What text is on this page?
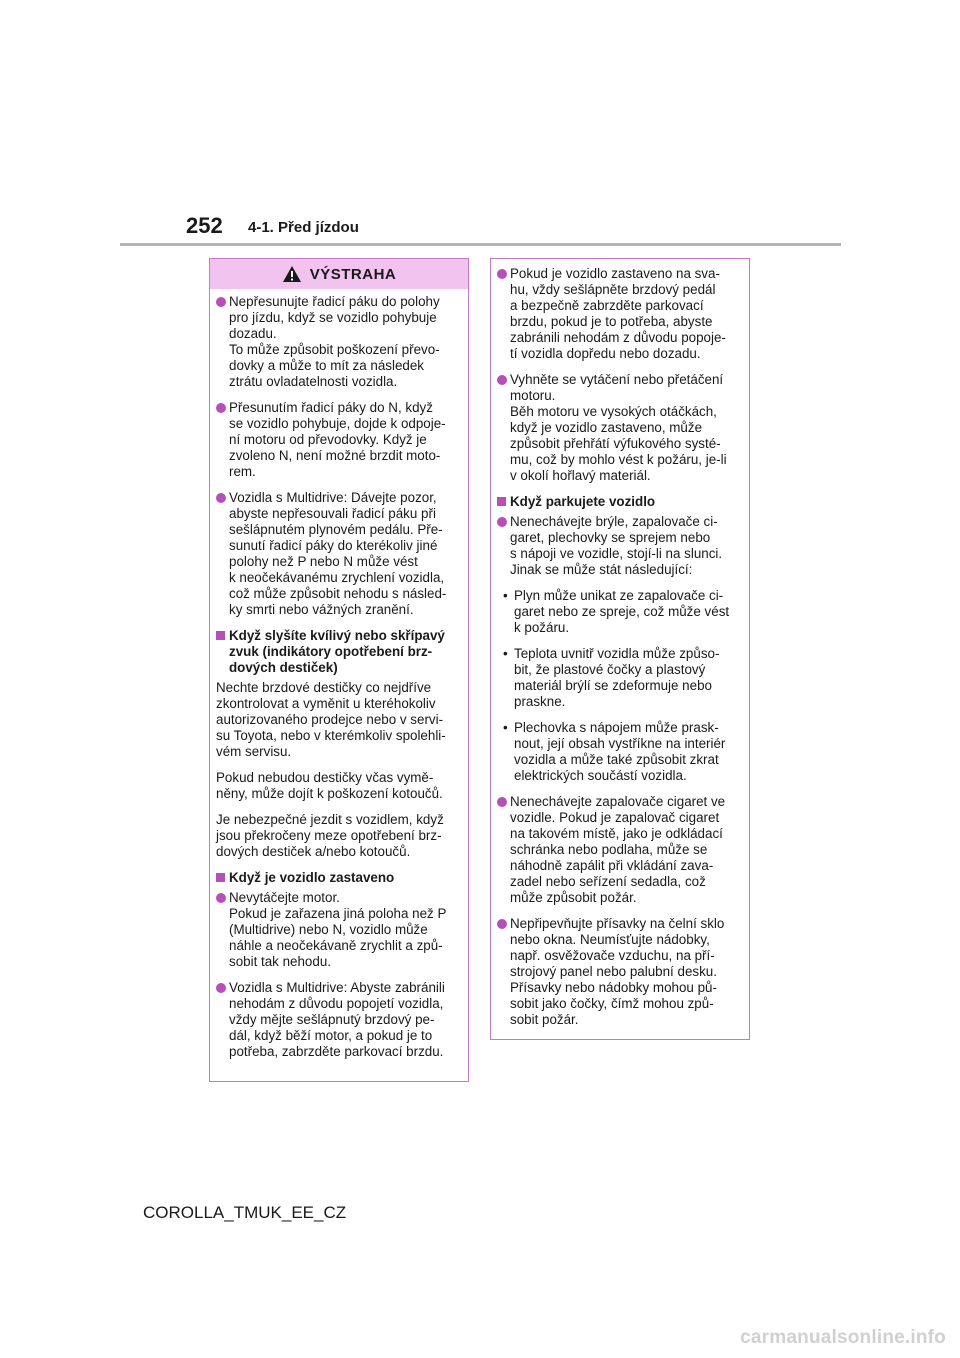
252 4-1. Před jízdou
VÝSTRAHA
Nepřesunujte řadicí páku do polohy
pro jízdu, když se vozidlo pohybuje
dozadu.
To může způsobit poškození převo-
dovky a může to mít za následek
ztrátu ovladatelnosti vozidla.
Přesunutím řadicí páky do N, když
se vozidlo pohybuje, dojde k odpoje-
ní motoru od převodovky. Když je
zvoleno N, není možné brzdit moto-
rem.
Vozidla s Multidrive: Dávejte pozor,
abyste nepřesouvali řadicí páku při
sešlápnutém plynovém pedálu. Pře-
sunutí řadicí páky do kterékoliv jiné
polohy než P nebo N může vést
k neočekávanému zrychlení vozidla,
což může způsobit nehodu s násled-
ky smrti nebo vážných zranění.
Když slyšíte kvílivý nebo skřípavý
zvuk (indikátory opotřebení brz-
dových destiček)
Nechte brzdové destičky co nejdříve
zkontrolovat a vyměnit u kteréhokoliv
autorizovaného prodejce nebo v servi-
su Toyota, nebo v kterémkoliv spolehli-
vém servisu.
Pokud nebudou destičky včas vymě-
něny, může dojít k poškození kotoučů.
Je nebezpečné jezdit s vozidlem, když
jsou překročeny meze opotřebení brz-
dových destiček a/nebo kotoučů.
Když je vozidlo zastaveno
Nevytáčejte motor.
Pokud je zařazena jiná poloha než P
(Multidrive) nebo N, vozidlo může
náhle a neočekávaně zrychlit a způ-
sobit tak nehodu.
Vozidla s Multidrive: Abyste zabránili
nehodám z důvodu popojetí vozidla,
vždy mějte sešlápnutý brzdový pe-
dál, když běží motor, a pokud je to
potřeba, zabrzděte parkovací brzdu.
Pokud je vozidlo zastaveno na sva-
hu, vždy sešlápněte brzdový pedál
a bezpečně zabrzděte parkovací
brzdu, pokud je to potřeba, abyste
zabránili nehodám z důvodu popoje-
tí vozidla dopředu nebo dozadu.
Vyhněte se vytáčení nebo přetáčení
motoru.
Běh motoru ve vysokých otáčkách,
když je vozidlo zastaveno, může
způsobit přehřátí výfukového systé-
mu, což by mohlo vést k požáru, je-li
v okolí hořlavý materiál.
Když parkujete vozidlo
Nenechávejte brýle, zapalovače ci-
garet, plechovky se sprejem nebo
s nápoji ve vozidle, stojí-li na slunci.
Jinak se může stát následující:
• Plyn může unikat ze zapalovače ci-
garet nebo ze spreje, což může vést
k požáru.
• Teplota uvnitř vozidla může způso-
bit, že plastové čočky a plastový
materiál brýlí se zdeformuje nebo
praskne.
• Plechovka s nápojem může prask-
nout, její obsah vystříkne na interiér
vozidla a může také způsobit zkrat
elektrických součástí vozidla.
Nenechávejte zapalovače cigaret ve
vozidle. Pokud je zapalovač cigaret
na takovém místě, jako je odkládací
schránka nebo podlaha, může se
náhodně zapálit při vkládání zava-
zadel nebo seřízení sedadla, což
může způsobit požár.
Nepřipevňujte přísavky na čelní sklo
nebo okna. Neumísťujte nádobky,
např. osvěžovače vzduchu, na pří-
strojový panel nebo palubní desku.
Přísavky nebo nádobky mohou pů-
sobit jako čočky, čímž mohou způ-
sobit požár.
COROLLA_TMUK_EE_CZ
carmanualsonline.info
